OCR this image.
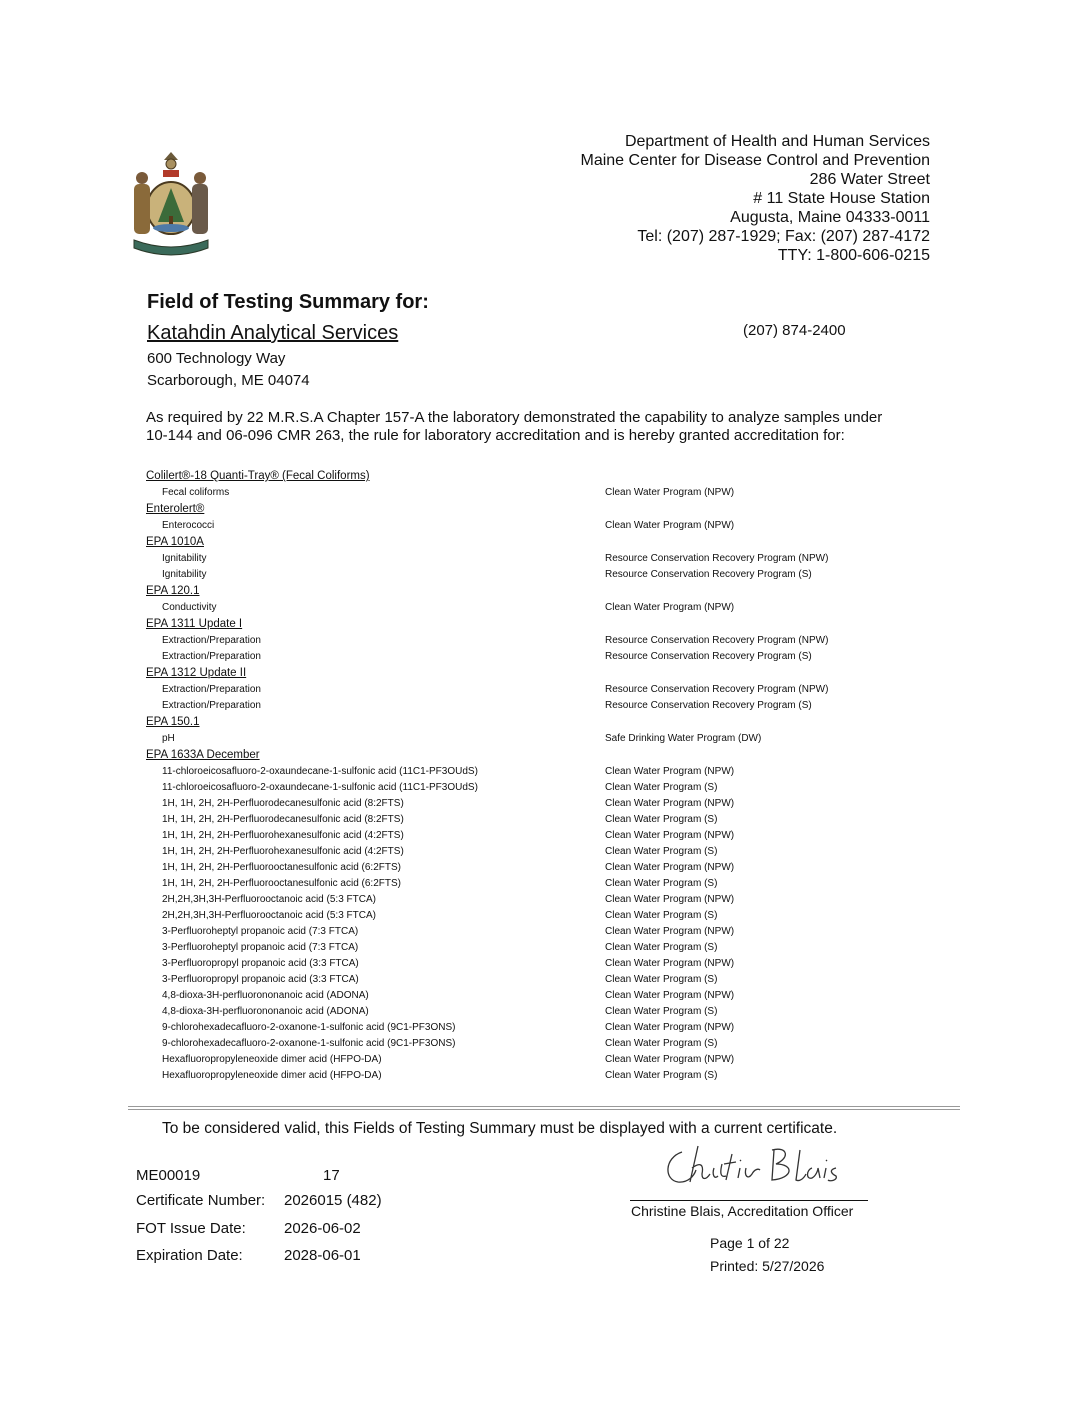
Department of Health and Human Services
Maine Center for Disease Control and Prevention
286 Water Street
# 11 State House Station
Augusta, Maine 04333-0011
Tel: (207) 287-1929; Fax: (207) 287-4172
TTY: 1-800-606-0215
Field of Testing Summary for:
Katahdin Analytical Services	(207) 874-2400
600 Technology Way
Scarborough, ME 04074
As required by 22 M.R.S.A Chapter 157-A the laboratory demonstrated the capability to analyze samples under 10-144 and 06-096 CMR 263, the rule for laboratory accreditation and is hereby granted accreditation for:
Colilert®-18 Quanti-Tray® (Fecal Coliforms)
Fecal coliforms	Clean Water Program (NPW)
Enterolert®
Enterococci	Clean Water Program (NPW)
EPA 1010A
Ignitability	Resource Conservation Recovery Program (NPW)
Ignitability	Resource Conservation Recovery Program (S)
EPA 120.1
Conductivity	Clean Water Program (NPW)
EPA 1311 Update I
Extraction/Preparation	Resource Conservation Recovery Program (NPW)
Extraction/Preparation	Resource Conservation Recovery Program (S)
EPA 1312 Update II
Extraction/Preparation	Resource Conservation Recovery Program (NPW)
Extraction/Preparation	Resource Conservation Recovery Program (S)
EPA 150.1
pH	Safe Drinking Water Program (DW)
EPA 1633A December
11-chloroeicosafluoro-2-oxaundecane-1-sulfonic acid (11C1-PF3OUdS)	Clean Water Program (NPW)
11-chloroeicosafluoro-2-oxaundecane-1-sulfonic acid (11C1-PF3OUdS)	Clean Water Program (S)
1H, 1H, 2H, 2H-Perfluorodecanesulfonic acid (8:2FTS)	Clean Water Program (NPW)
1H, 1H, 2H, 2H-Perfluorodecanesulfonic acid (8:2FTS)	Clean Water Program (S)
1H, 1H, 2H, 2H-Perfluorohexanesulfonic acid (4:2FTS)	Clean Water Program (NPW)
1H, 1H, 2H, 2H-Perfluorohexanesulfonic acid (4:2FTS)	Clean Water Program (S)
1H, 1H, 2H, 2H-Perfluorooctanesulfonic acid (6:2FTS)	Clean Water Program (NPW)
1H, 1H, 2H, 2H-Perfluorooctanesulfonic acid (6:2FTS)	Clean Water Program (S)
2H,2H,3H,3H-Perfluorooctanoic acid (5:3 FTCA)	Clean Water Program (NPW)
2H,2H,3H,3H-Perfluorooctanoic acid (5:3 FTCA)	Clean Water Program (S)
3-Perfluoroheptyl propanoic acid (7:3 FTCA)	Clean Water Program (NPW)
3-Perfluoroheptyl propanoic acid (7:3 FTCA)	Clean Water Program (S)
3-Perfluoropropyl propanoic acid (3:3 FTCA)	Clean Water Program (NPW)
3-Perfluoropropyl propanoic acid (3:3 FTCA)	Clean Water Program (S)
4,8-dioxa-3H-perfluorononanoic acid (ADONA)	Clean Water Program (NPW)
4,8-dioxa-3H-perfluorononanoic acid (ADONA)	Clean Water Program (S)
9-chlorohexadecafluoro-2-oxanone-1-sulfonic acid (9C1-PF3ONS)	Clean Water Program (NPW)
9-chlorohexadecafluoro-2-oxanone-1-sulfonic acid (9C1-PF3ONS)	Clean Water Program (S)
Hexafluoropropyleneoxide dimer acid (HFPO-DA)	Clean Water Program (NPW)
Hexafluoropropyleneoxide dimer acid (HFPO-DA)	Clean Water Program (S)
To be considered valid, this Fields of Testing Summary must be displayed with a current certificate.
ME00019	17
Certificate Number: 2026015 (482)
FOT Issue Date:	2026-06-02
Expiration Date:	2028-06-01
Christine Blais, Accreditation Officer
Page 1 of 22
Printed: 5/27/2026
